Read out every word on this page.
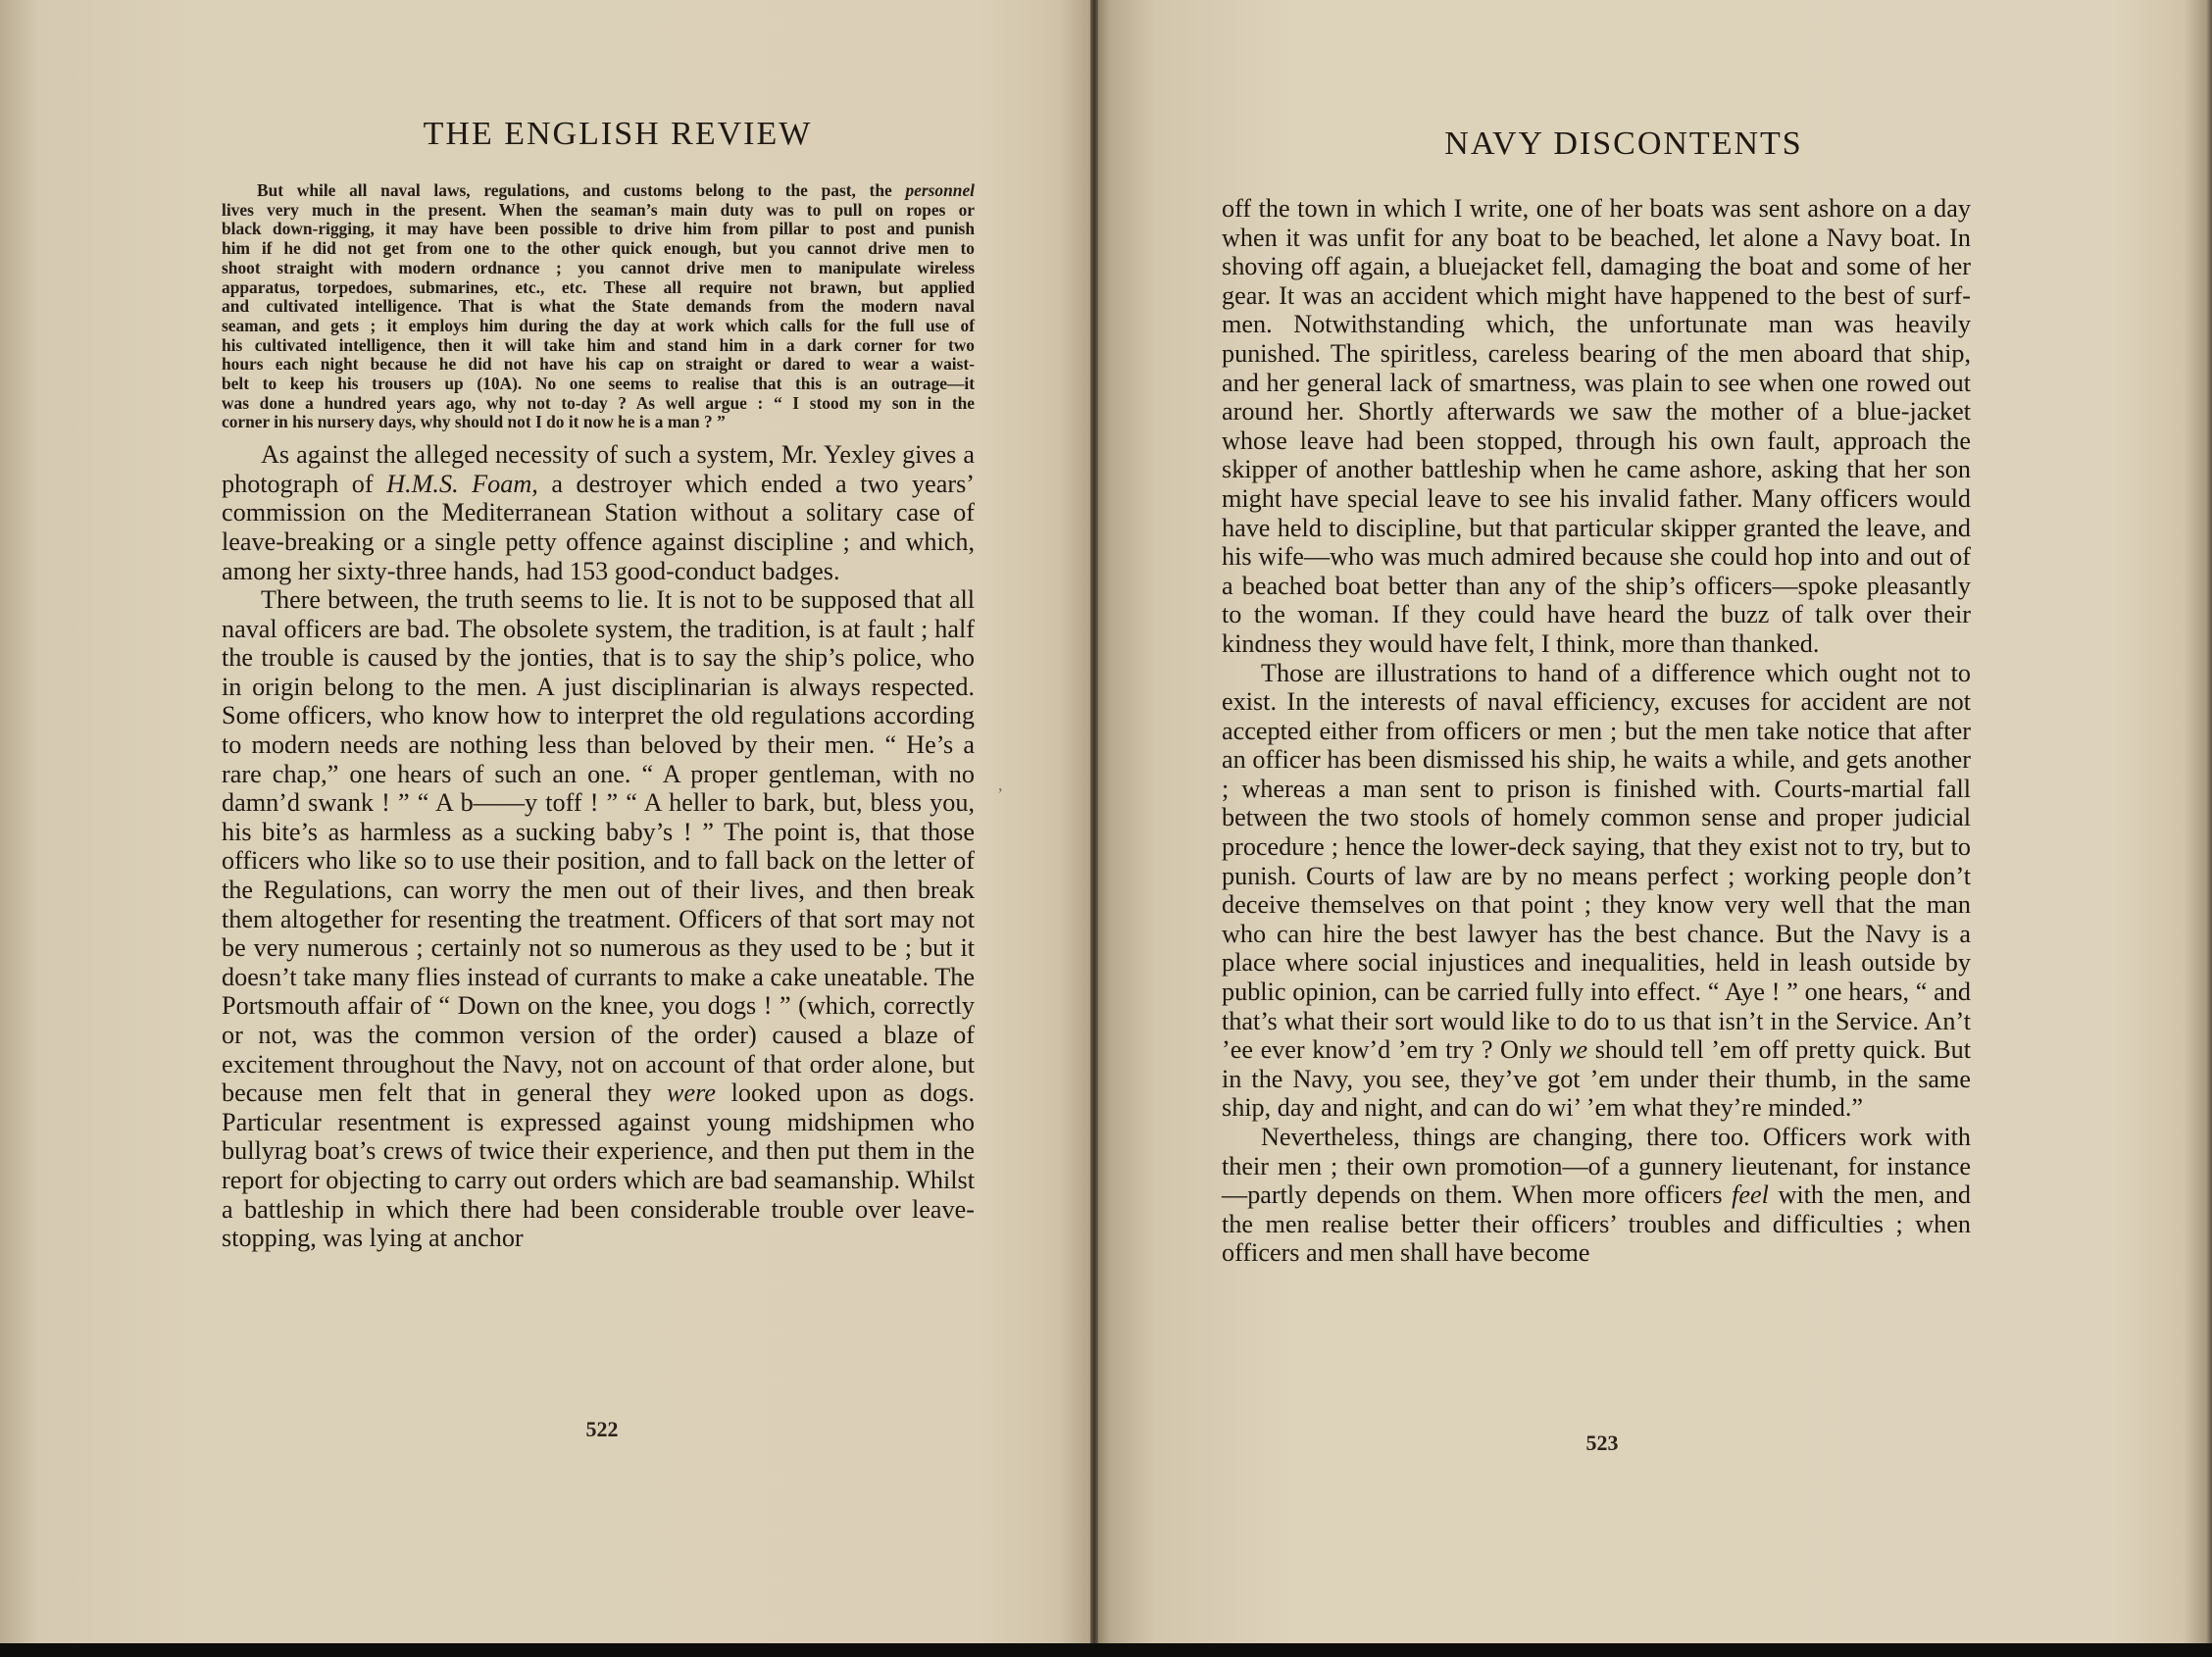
THE ENGLISH REVIEW
But while all naval laws, regulations, and customs belong to the past, the personnel
lives very much in the present. When the seaman’s main duty was to pull on ropes or
black down-rigging, it may have been possible to drive him from pillar to post and punish
him if he did not get from one to the other quick enough, but you cannot drive men to
shoot straight with modern ordnance ; you cannot drive men to manipulate wireless
apparatus, torpedoes, submarines, etc., etc. These all require not brawn, but applied
and cultivated intelligence. That is what the State demands from the modern naval
seaman, and gets ; it employs him during the day at work which calls for the full use of
his cultivated intelligence, then it will take him and stand him in a dark corner for two
hours each night because he did not have his cap on straight or dared to wear a waist-
belt to keep his trousers up (10A). No one seems to realise that this is an outrage—it
was done a hundred years ago, why not to-day ? As well argue : “ I stood my son in the
corner in his nursery days, why should not I do it now he is a man ? ”

As against the alleged necessity of such a system, Mr. Yexley gives a photograph of H.M.S. Foam, a destroyer which ended a two years’ commission on the Mediterranean Station without a solitary case of leave-breaking or a single petty offence against discipline ; and which, among her sixty-three hands, had 153 good-conduct badges.

There between, the truth seems to lie. It is not to be supposed that all naval officers are bad. The obsolete system, the tradition, is at fault ; half the trouble is caused by the jonties, that is to say the ship’s police, who in origin belong to the men. A just disciplinarian is always respected. Some officers, who know how to interpret the old regulations according to modern needs are nothing less than beloved by their men. “ He’s a rare chap,” one hears of such an one. “ A proper gentleman, with no damn’d swank ! ” “ A b——y toff ! ” “ A heller to bark, but, bless you, his bite’s as harmless as a sucking baby’s ! ” The point is, that those officers who like so to use their position, and to fall back on the letter of the Regulations, can worry the men out of their lives, and then break them altogether for resenting the treatment. Officers of that sort may not be very numerous ; certainly not so numerous as they used to be ; but it doesn’t take many flies instead of currants to make a cake uneatable. The Portsmouth affair of “ Down on the knee, you dogs ! ” (which, correctly or not, was the common version of the order) caused a blaze of excitement throughout the Navy, not on account of that order alone, but because men felt that in general they were looked upon as dogs. Particular resentment is expressed against young midshipmen who bullyrag boat’s crews of twice their experience, and then put them in the report for objecting to carry out orders which are bad seamanship. Whilst a battleship in which there had been considerable trouble over leave-stopping, was lying at anchor

,

522

NAVY DISCONTENTS

off the town in which I write, one of her boats was sent ashore on a day when it was unfit for any boat to be beached, let alone a Navy boat. In shoving off again, a bluejacket fell, damaging the boat and some of her gear. It was an accident which might have happened to the best of surf-men. Notwithstanding which, the unfortunate man was heavily punished. The spiritless, careless bearing of the men aboard that ship, and her general lack of smartness, was plain to see when one rowed out around her. Shortly afterwards we saw the mother of a blue-jacket whose leave had been stopped, through his own fault, approach the skipper of another battleship when he came ashore, asking that her son might have special leave to see his invalid father. Many officers would have held to discipline, but that particular skipper granted the leave, and his wife—who was much admired because she could hop into and out of a beached boat better than any of the ship’s officers—spoke pleasantly to the woman. If they could have heard the buzz of talk over their kindness they would have felt, I think, more than thanked.

Those are illustrations to hand of a difference which ought not to exist. In the interests of naval efficiency, excuses for accident are not accepted either from officers or men ; but the men take notice that after an officer has been dismissed his ship, he waits a while, and gets another ; whereas a man sent to prison is finished with. Courts-martial fall between the two stools of homely common sense and proper judicial procedure ; hence the lower-deck saying, that they exist not to try, but to punish. Courts of law are by no means perfect ; working people don’t deceive themselves on that point ; they know very well that the man who can hire the best lawyer has the best chance. But the Navy is a place where social injustices and inequalities, held in leash outside by public opinion, can be carried fully into effect. “ Aye ! ” one hears, “ and that’s what their sort would like to do to us that isn’t in the Service. An’t ’ee ever know’d ’em try ? Only we should tell ’em off pretty quick. But in the Navy, you see, they’ve got ’em under their thumb, in the same ship, day and night, and can do wi’ ’em what they’re minded.”

Nevertheless, things are changing, there too. Officers work with their men ; their own promotion—of a gunnery lieutenant, for instance—partly depends on them. When more officers feel with the men, and the men realise better their officers’ troubles and difficulties ; when officers and men shall have become

523
